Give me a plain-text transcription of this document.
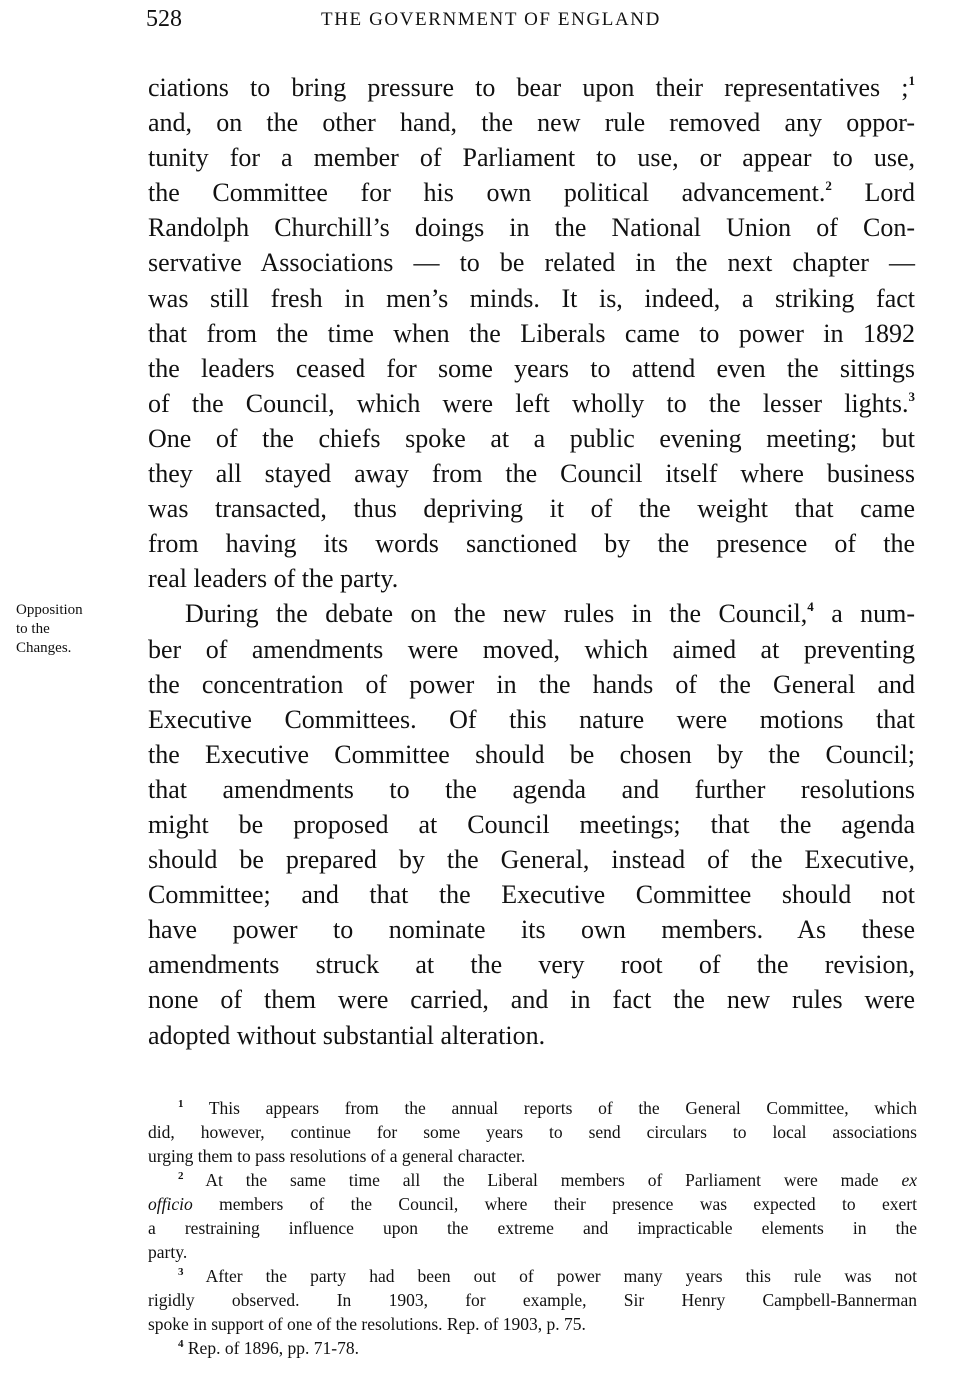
528	THE GOVERNMENT OF ENGLAND
Opposition
to the
Changes.
ciations to bring pressure to bear upon their representatives ;$^1$
and, on the other hand, the new rule removed any oppor-
tunity for a member of Parliament to use, or appear to use,
the Committee for his own political advancement.$^2$ Lord
Randolph Churchill’s doings in the National Union of Con-
servative Associations — to be related in the next chapter —
was still fresh in men’s minds. It is, indeed, a striking fact
that from the time when the Liberals came to power in 1892
the leaders ceased for some years to attend even the sittings
of the Council, which were left wholly to the lesser lights.$^3$
One of the chiefs spoke at a public evening meeting; but
they all stayed away from the Council itself where business
was transacted, thus depriving it of the weight that came
from having its words sanctioned by the presence of the
real leaders of the party.
During the debate on the new rules in the Council,$^4$ a num-
ber of amendments were moved, which aimed at preventing
the concentration of power in the hands of the General and
Executive Committees. Of this nature were motions that
the Executive Committee should be chosen by the Council;
that amendments to the agenda and further resolutions
might be proposed at Council meetings; that the agenda
should be prepared by the General, instead of the Executive,
Committee; and that the Executive Committee should not
have power to nominate its own members. As these
amendments struck at the very root of the revision,
none of them were carried, and in fact the new rules were
adopted without substantial alteration.
$^1$ This appears from the annual reports of the General Committee, which
did, however, continue for some years to send circulars to local associations
urging them to pass resolutions of a general character.
$^2$ At the same time all the Liberal members of Parliament were made ex
officio members of the Council, where their presence was expected to exert
a restraining influence upon the extreme and impracticable elements in the
party.
$^3$ After the party had been out of power many years this rule was not
rigidly observed. In 1903, for example, Sir Henry Campbell-Bannerman
spoke in support of one of the resolutions. Rep. of 1903, p. 75.
$^4$ Rep. of 1896, pp. 71-78.
